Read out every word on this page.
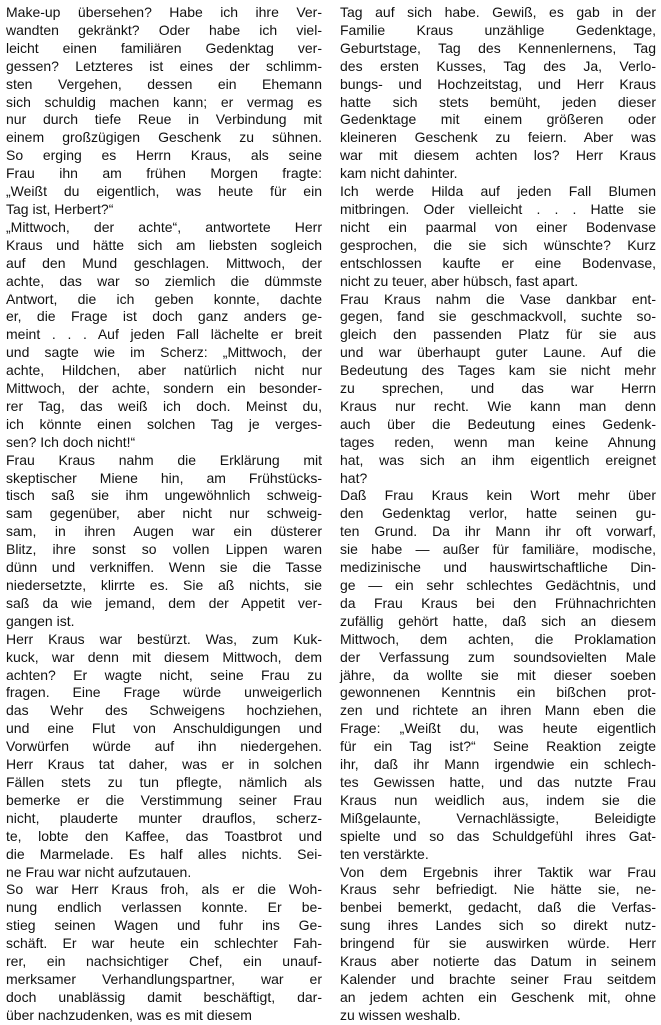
Make-up übersehen? Habe ich ihre Ver-
wandten gekränkt? Oder habe ich viel-
leicht einen familiären Gedenktag ver-
gessen? Letzteres ist eines der schlimm-
sten Vergehen, dessen ein Ehemann
sich schuldig machen kann; er vermag es
nur durch tiefe Reue in Verbindung mit
einem großzügigen Geschenk zu sühnen.
So erging es Herrn Kraus, als seine
Frau ihn am frühen Morgen fragte:
„Weißt du eigentlich, was heute für ein
Tag ist, Herbert?“
„Mittwoch, der achte“, antwortete Herr
Kraus und hätte sich am liebsten sogleich
auf den Mund geschlagen. Mittwoch, der
achte, das war so ziemlich die dümmste
Antwort, die ich geben konnte, dachte
er, die Frage ist doch ganz anders ge-
meint . . . Auf jeden Fall lächelte er breit
und sagte wie im Scherz: „Mittwoch, der
achte, Hildchen, aber natürlich nicht nur
Mittwoch, der achte, sondern ein besonder-
rer Tag, das weiß ich doch. Meinst du,
ich könnte einen solchen Tag je verges-
sen? Ich doch nicht!“
Frau Kraus nahm die Erklärung mit
skeptischer Miene hin, am Frühstücks-
tisch saß sie ihm ungewöhnlich schweig-
sam gegenüber, aber nicht nur schweig-
sam, in ihren Augen war ein düsterer
Blitz, ihre sonst so vollen Lippen waren
dünn und verkniffen. Wenn sie die Tasse
niedersetzte, klirrte es. Sie aß nichts, sie
saß da wie jemand, dem der Appetit ver-
gangen ist.
Herr Kraus war bestürzt. Was, zum Kuk-
kuck, war denn mit diesem Mittwoch, dem
achten? Er wagte nicht, seine Frau zu
fragen. Eine Frage würde unweigerlich
das Wehr des Schweigens hochziehen,
und eine Flut von Anschuldigungen und
Vorwürfen würde auf ihn niedergehen.
Herr Kraus tat daher, was er in solchen
Fällen stets zu tun pflegte, nämlich als
bemerke er die Verstimmung seiner Frau
nicht, plauderte munter drauflos, scherz-
te, lobte den Kaffee, das Toastbrot und
die Marmelade. Es half alles nichts. Sei-
ne Frau war nicht aufzutauen.
So war Herr Kraus froh, als er die Woh-
nung endlich verlassen konnte. Er be-
stieg seinen Wagen und fuhr ins Ge-
schäft. Er war heute ein schlechter Fah-
rer, ein nachsichtiger Chef, ein unauf-
merksamer Verhandlungspartner, war er
doch unablässig damit beschäftigt, dar-
über nachzudenken, was es mit diesem
Tag auf sich habe. Gewiß, es gab in der
Familie Kraus unzählige Gedenktage,
Geburtstage, Tag des Kennenlernens, Tag
des ersten Kusses, Tag des Ja, Verlo-
bungs- und Hochzeitstag, und Herr Kraus
hatte sich stets bemüht, jeden dieser
Gedenktage mit einem größeren oder
kleineren Geschenk zu feiern. Aber was
war mit diesem achten los? Herr Kraus
kam nicht dahinter.
Ich werde Hilda auf jeden Fall Blumen
mitbringen. Oder vielleicht . . . Hatte sie
nicht ein paarmal von einer Bodenvase
gesprochen, die sie sich wünschte? Kurz
entschlossen kaufte er eine Bodenvase,
nicht zu teuer, aber hübsch, fast apart.
Frau Kraus nahm die Vase dankbar ent-
gegen, fand sie geschmackvoll, suchte so-
gleich den passenden Platz für sie aus
und war überhaupt guter Laune. Auf die
Bedeutung des Tages kam sie nicht mehr
zu sprechen, und das war Herrn
Kraus nur recht. Wie kann man denn
auch über die Bedeutung eines Gedenk-
tages reden, wenn man keine Ahnung
hat, was sich an ihm eigentlich ereignet
hat?
Daß Frau Kraus kein Wort mehr über
den Gedenktag verlor, hatte seinen gu-
ten Grund. Da ihr Mann ihr oft vorwarf,
sie habe — außer für familiäre, modische,
medizinische und hauswirtschaftliche Din-
ge — ein sehr schlechtes Gedächtnis, und
da Frau Kraus bei den Frühnachrichten
zufällig gehört hatte, daß sich an diesem
Mittwoch, dem achten, die Proklamation
der Verfassung zum soundsovielten Male
jähre, da wollte sie mit dieser soeben
gewonnenen Kenntnis ein bißchen prot-
zen und richtete an ihren Mann eben die
Frage: „Weißt du, was heute eigentlich
für ein Tag ist?“ Seine Reaktion zeigte
ihr, daß ihr Mann irgendwie ein schlech-
tes Gewissen hatte, und das nutzte Frau
Kraus nun weidlich aus, indem sie die
Mißgelaunte, Vernachlässigte, Beleidigte
spielte und so das Schuldgefühl ihres Gat-
ten verstärkte.
Von dem Ergebnis ihrer Taktik war Frau
Kraus sehr befriedigt. Nie hätte sie, ne-
benbei bemerkt, gedacht, daß die Verfas-
sung ihres Landes sich so direkt nutz-
bringend für sie auswirken würde. Herr
Kraus aber notierte das Datum in seinem
Kalender und brachte seiner Frau seitdem
an jedem achten ein Geschenk mit, ohne
zu wissen weshalb.
